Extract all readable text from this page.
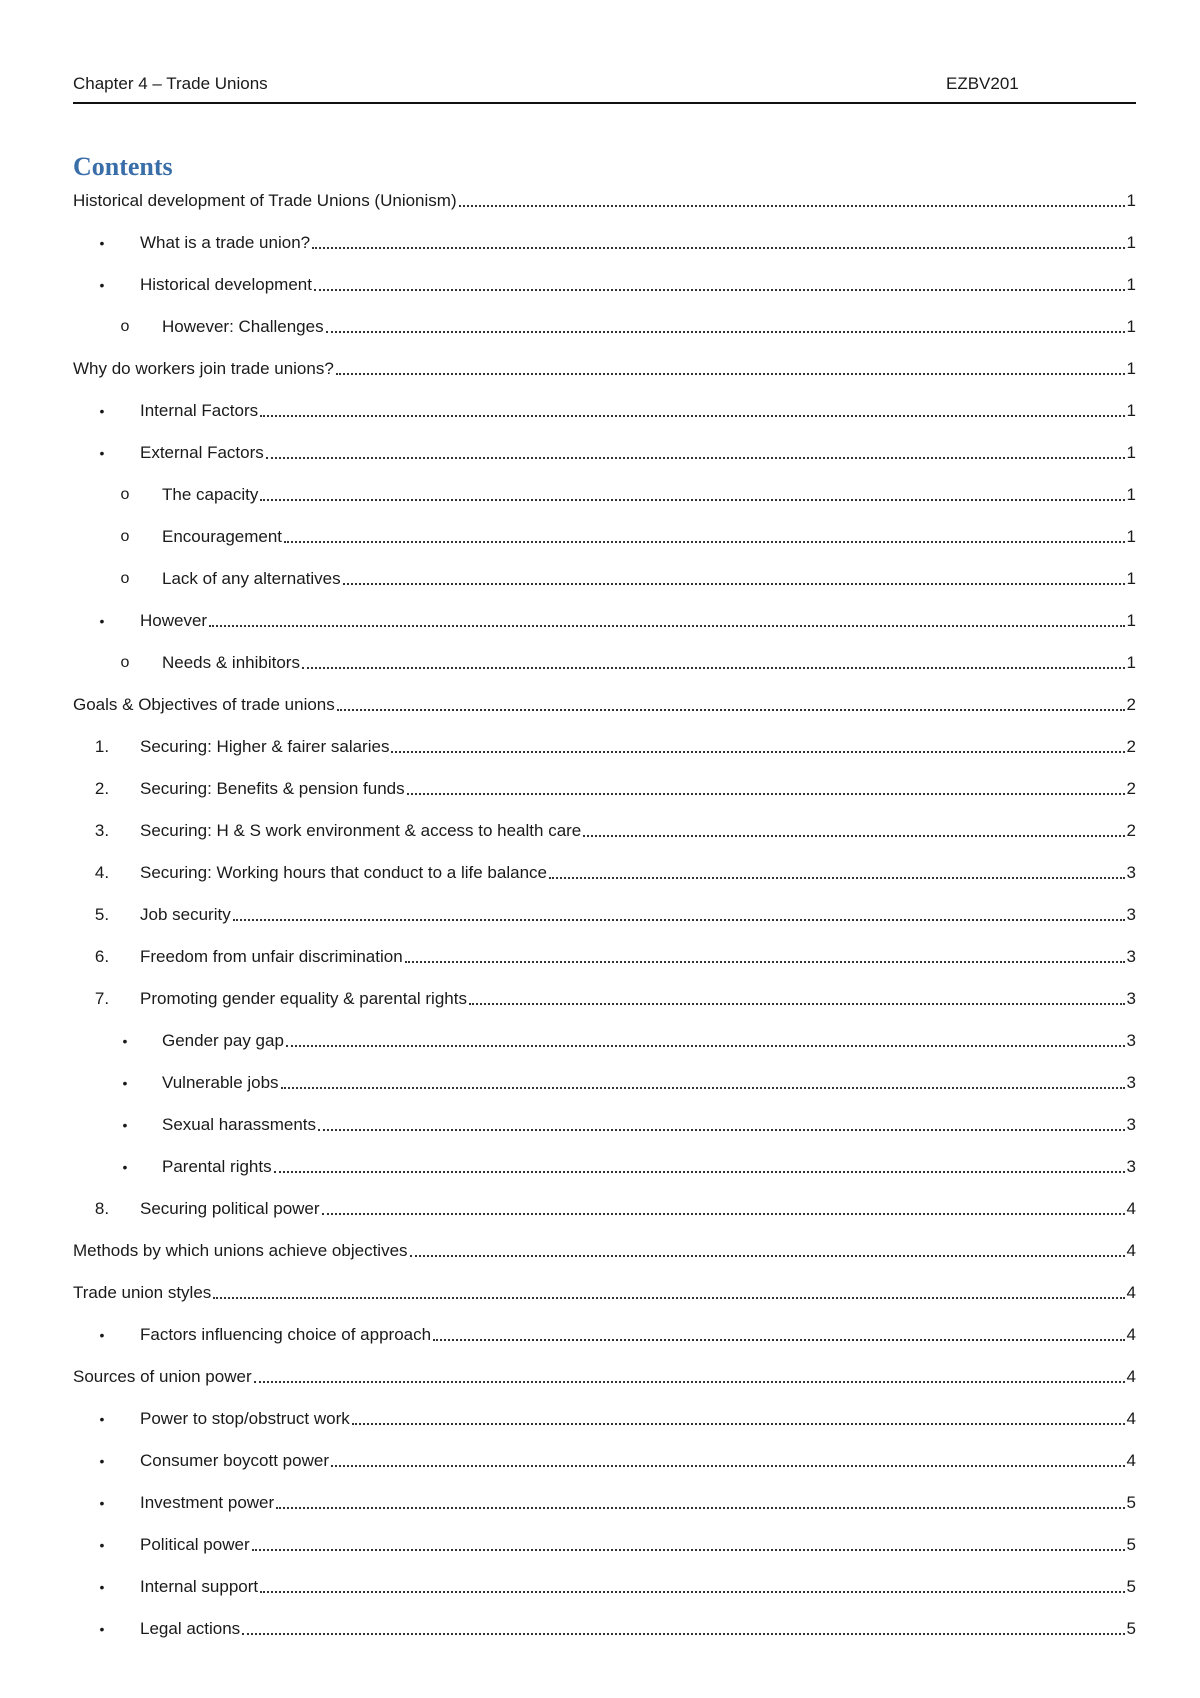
Chapter 4 – Trade Unions	EZBV201
Contents
Historical development of Trade Unions (Unionism)	1
•	What is a trade union?	1
•	Historical development	1
o	However: Challenges	1
Why do workers join trade unions?	1
•	Internal Factors	1
•	External Factors	1
o	The capacity	1
o	Encouragement	1
o	Lack of any alternatives	1
•	However	1
o	Needs & inhibitors	1
Goals & Objectives of trade unions	2
1. Securing: Higher & fairer salaries	2
2. Securing: Benefits & pension funds	2
3. Securing: H & S work environment & access to health care	2
4. Securing: Working hours that conduct to a life balance	3
5. Job security	3
6. Freedom from unfair discrimination	3
7. Promoting gender equality & parental rights	3
•	Gender pay gap	3
•	Vulnerable jobs	3
•	Sexual harassments	3
•	Parental rights	3
8. Securing political power	4
Methods by which unions achieve objectives	4
Trade union styles	4
•	Factors influencing choice of approach	4
Sources of union power	4
•	Power to stop/obstruct work	4
•	Consumer boycott power	4
•	Investment power	5
•	Political power	5
•	Internal support	5
•	Legal actions	5
